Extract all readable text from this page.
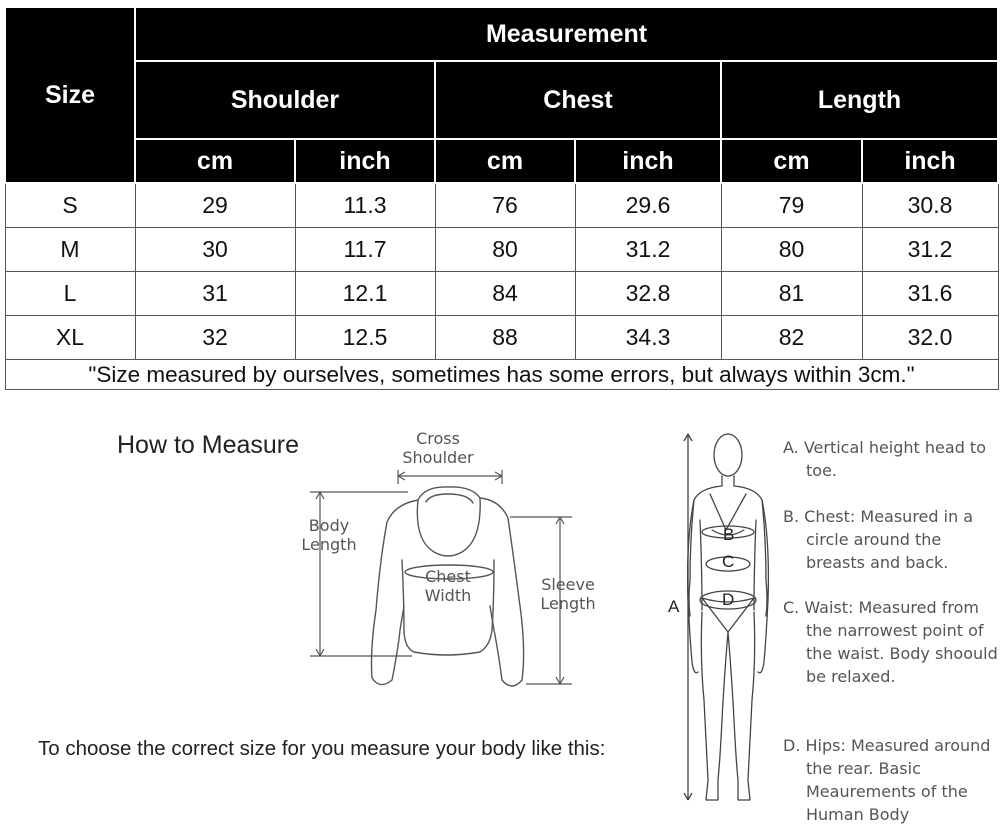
Size	Measurement					
	Shoulder		Chest		Length	
	cm	inch	cm	inch	cm	inch
S	29	11.3	76	29.6	79	30.8
M	30	11.7	80	31.2	80	31.2
L	31	12.1	84	32.8	81	31.6
XL	32	12.5	88	34.3	82	32.0
"Size measured by ourselves, sometimes has some errors, but always within 3cm."						
How to Measure	Cross
Shoulder
Body
Length
Chest
Width
Sleeve
Length
To choose the correct size for you measure your body like this:
B
C
D
A
A. Vertical height head to toe.
B. Chest: Measured in a circle around the breasts and back.
C. Waist: Measured from the narrowest point of the waist. Body shoould be relaxed.
D. Hips: Measured around the rear. Basic Meaurements of the Human Body
